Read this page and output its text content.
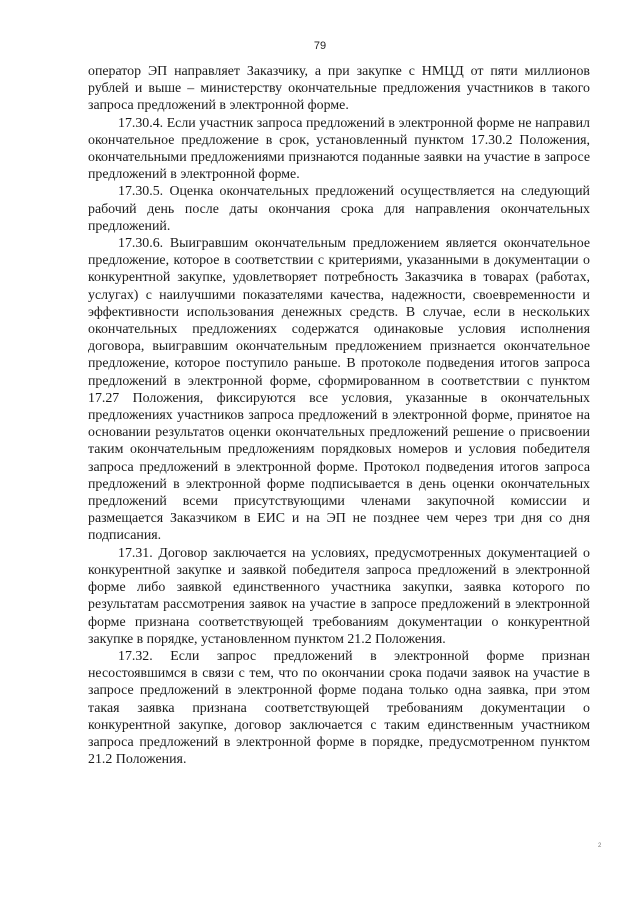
79

оператор ЭП направляет Заказчику, а при закупке с НМЦД от пяти миллионов рублей и выше – министерству окончательные предложения участников в такого запроса предложений в электронной форме.

17.30.4. Если участник запроса предложений в электронной форме не направил окончательное предложение в срок, установленный пунктом 17.30.2 Положения, окончательными предложениями признаются поданные заявки на участие в запросе предложений в электронной форме.

17.30.5. Оценка окончательных предложений осуществляется на следующий рабочий день после даты окончания срока для направления окончательных предложений.

17.30.6. Выигравшим окончательным предложением является окончательное предложение, которое в соответствии с критериями, указанными в документации о конкурентной закупке, удовлетворяет потребность Заказчика в товарах (работах, услугах) с наилучшими показателями качества, надежности, своевременности и эффективности использования денежных средств. В случае, если в нескольких окончательных предложениях содержатся одинаковые условия исполнения договора, выигравшим окончательным предложением признается окончательное предложение, которое поступило раньше. В протоколе подведения итогов запроса предложений в электронной форме, сформированном в соответствии с пунктом 17.27 Положения, фиксируются все условия, указанные в окончательных предложениях участников запроса предложений в электронной форме, принятое на основании результатов оценки окончательных предложений решение о присвоении таким окончательным предложениям порядковых номеров и условия победителя запроса предложений в электронной форме. Протокол подведения итогов запроса предложений в электронной форме подписывается в день оценки окончательных предложений всеми присутствующими членами закупочной комиссии и размещается Заказчиком в ЕИС и на ЭП не позднее чем через три дня со дня подписания.

17.31. Договор заключается на условиях, предусмотренных документацией о конкурентной закупке и заявкой победителя запроса предложений в электронной форме либо заявкой единственного участника закупки, заявка которого по результатам рассмотрения заявок на участие в запросе предложений в электронной форме признана соответствующей требованиям документации о конкурентной закупке в порядке, установленном пунктом 21.2 Положения.

17.32. Если запрос предложений в электронной форме признан несостоявшимся в связи с тем, что по окончании срока подачи заявок на участие в запросе предложений в электронной форме подана только одна заявка, при этом такая заявка признана соответствующей требованиям документации о конкурентной закупке, договор заключается с таким единственным участником запроса предложений в электронной форме в порядке, предусмотренном пунктом 21.2 Положения.

2
